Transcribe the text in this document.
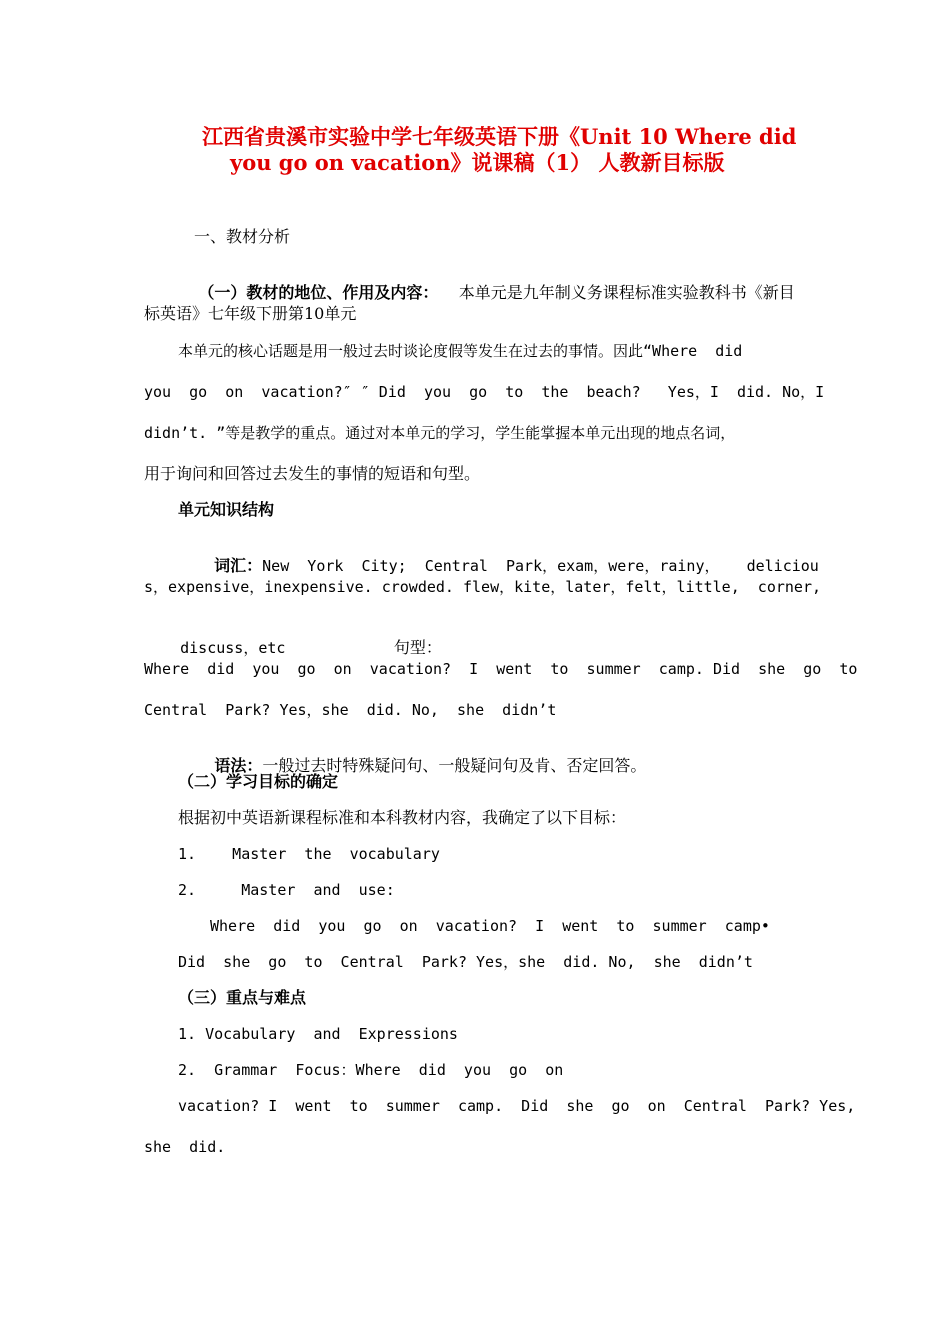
江西省贵溪市实验中学七年级英语下册《Unit 10 Where did
you go on vacation》说课稿（1） 人教新目标版
一、教材分析

（一）教材的地位、作用及内容： 本单元是九年制义务课程标准实验教科书《新目

标英语》七年级下册第10单元
本单元的核心话题是用一般过去时谈论度假等发生在过去的事情。因此“Where  did
you  go  on  vacation?″ ″ Did  you  go  to  the  beach?   Yes，I  did. No，I
didn’t. ”等是教学的重点。通过对本单元的学习，学生能掌握本单元出现的地点名词，
用于询问和回答过去发生的事情的短语和句型。
单元知识结构

词汇：New  York  City;  Central  Park，exam，were，rainy，   deliciou

s，expensive，inexpensive. crowded. flew，kite，later，felt，little,  corner,

discuss，etc	句型：

Where  did  you  go  on  vacation?  I  went  to  summer  camp. Did  she  go  to
Central  Park? Yes，she  did. No,  she  didn’t

语法：一般过去时特殊疑问句、一般疑问句及肯、否定回答。

（二）学习目标的确定
根据初中英语新课程标准和本科教材内容，我确定了以下目标：
1.    Master  the  vocabulary
2.     Master  and  use:
Where  did  you  go  on  vacation?  I  went  to  summer  camp•
Did  she  go  to  Central  Park? Yes，she  did. No,  she  didn’t
（三）重点与难点
1. Vocabulary  and  Expressions
2.  Grammar  Focus：Where  did  you  go  on
vacation? I  went  to  summer  camp.  Did  she  go  on  Central  Park? Yes,
she  did.
